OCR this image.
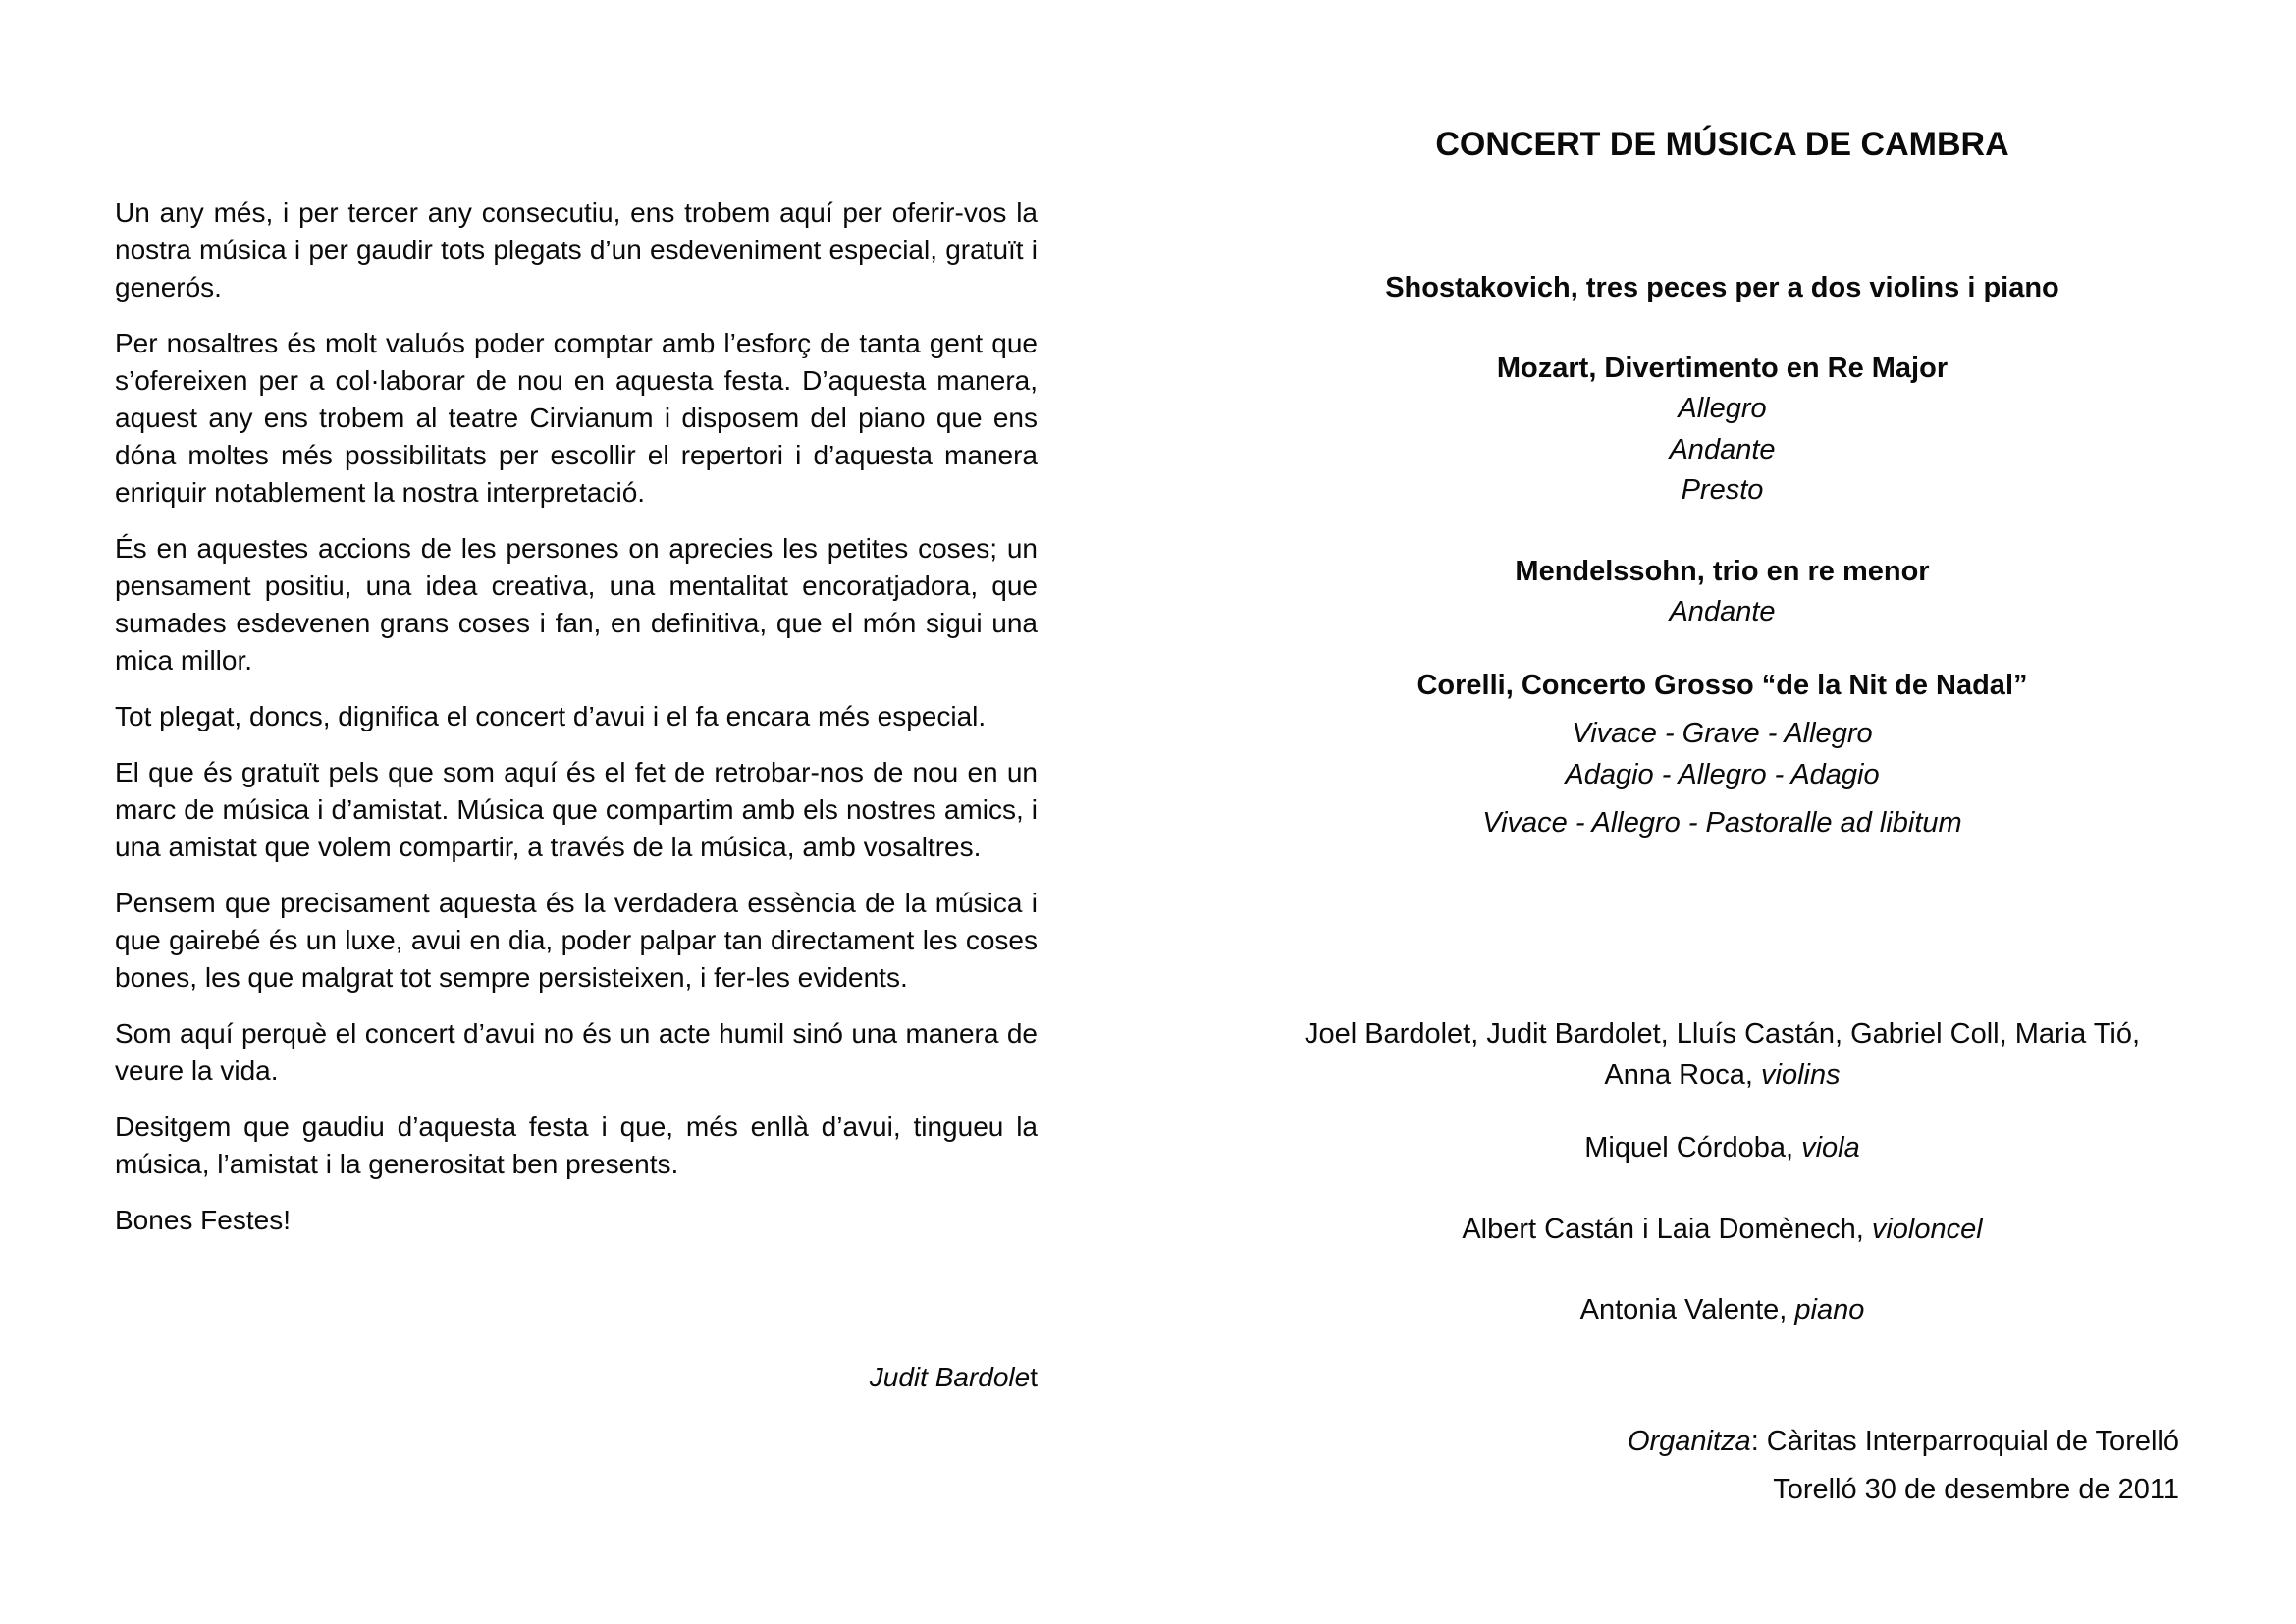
Un any més, i per tercer any consecutiu, ens trobem aquí per oferir-vos la nostra música i per gaudir tots plegats d’un esdeveniment especial, gratuït i generós.

Per nosaltres és molt valuós poder comptar amb l’esforç de tanta gent que s’ofereixen per a col·laborar de nou en aquesta festa. D’aquesta manera, aquest any ens trobem al teatre Cirvianum i disposem del piano que ens dóna moltes més possibilitats per escollir el repertori i d’aquesta manera enriquir notablement la nostra interpretació.

És en aquestes accions de les persones on aprecies les petites coses; un pensament positiu, una idea creativa, una mentalitat encoratjadora, que sumades esdevenen grans coses i fan, en definitiva, que el món sigui una mica millor.

Tot plegat, doncs, dignifica el concert d’avui i el fa encara més especial.

El que és gratuït pels que som aquí és el fet de retrobar-nos de nou en un marc de música i d’amistat. Música que compartim amb els nostres amics, i una amistat que volem compartir, a través de la música, amb vosaltres.

Pensem que precisament aquesta és la verdadera essència de la música i que gairebé és un luxe, avui en dia, poder palpar tan directament les coses bones, les que malgrat tot sempre persisteixen, i fer-les evidents.

Som aquí perquè el concert d’avui no és un acte humil sinó una manera de veure la vida.

Desitgem que gaudiu d’aquesta festa i que, més enllà d’avui, tingueu la música, l’amistat i la generositat ben presents.

Bones Festes!

Judit Bardolet
CONCERT DE MÚSICA DE CAMBRA
Shostakovich, tres peces per a dos violins i piano
Mozart, Divertimento en Re Major
Allegro
Andante
Presto
Mendelssohn, trio en re menor
Andante
Corelli, Concerto Grosso “de la Nit de Nadal”
Vivace - Grave - Allegro
Adagio - Allegro - Adagio
Vivace - Allegro - Pastoralle ad libitum
Joel Bardolet, Judit Bardolet, Lluís Castán, Gabriel Coll, Maria Tió,
Anna Roca, violins
Miquel Córdoba, viola
Albert Castán i Laia Domènech, violoncel
Antonia Valente, piano
Organitza: Càritas Interparroquial de Torelló
Torelló 30 de desembre de 2011
